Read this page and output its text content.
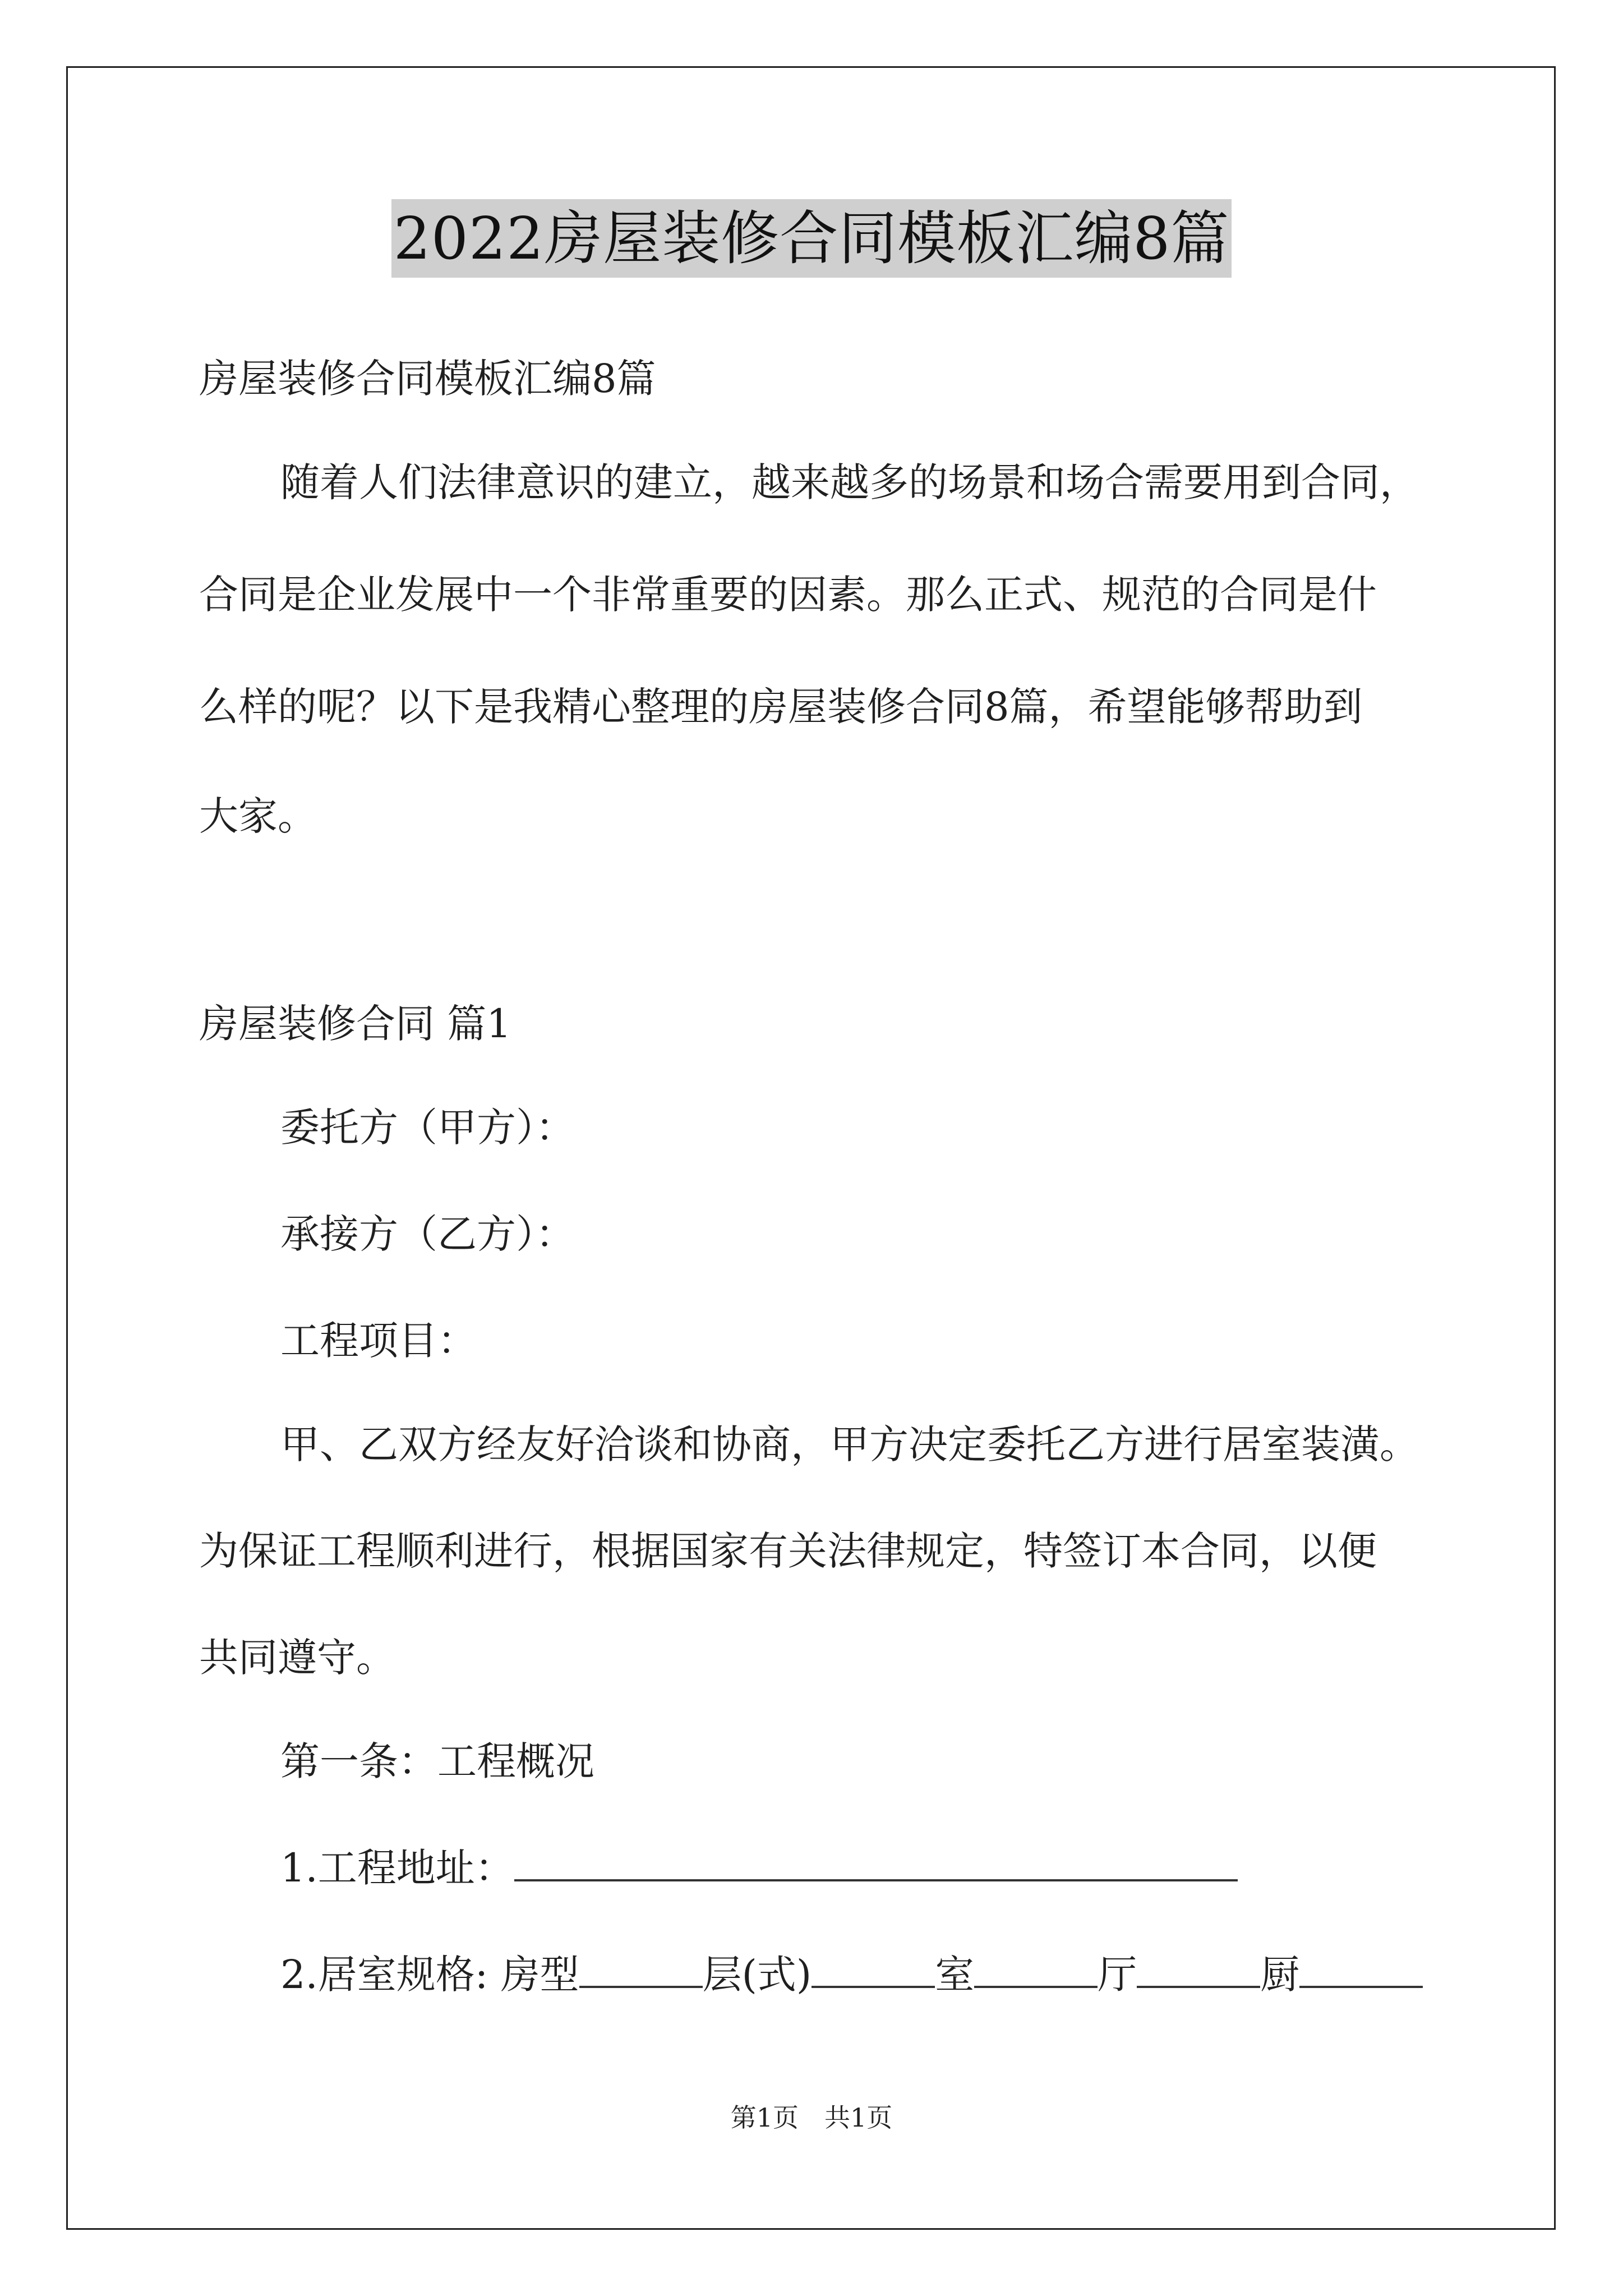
2022房屋装修合同模板汇编8篇
房屋装修合同模板汇编8篇
随着人们法律意识的建立，越来越多的场景和场合需要用到合同，
合同是企业发展中一个非常重要的因素。那么正式、规范的合同是什
么样的呢？以下是我精心整理的房屋装修合同8篇，希望能够帮助到
大家。
房屋装修合同 篇1
委托方（甲方）：
承接方（乙方）：
工程项目：
甲、乙双方经友好洽谈和协商，甲方决定委托乙方进行居室装潢。
为保证工程顺利进行，根据国家有关法律规定，特签订本合同，以便
共同遵守。
第一条：工程概况
1.工程地址：
2.居室规格: 房型	层(式)	室	厅	厨
第1页　共1页
